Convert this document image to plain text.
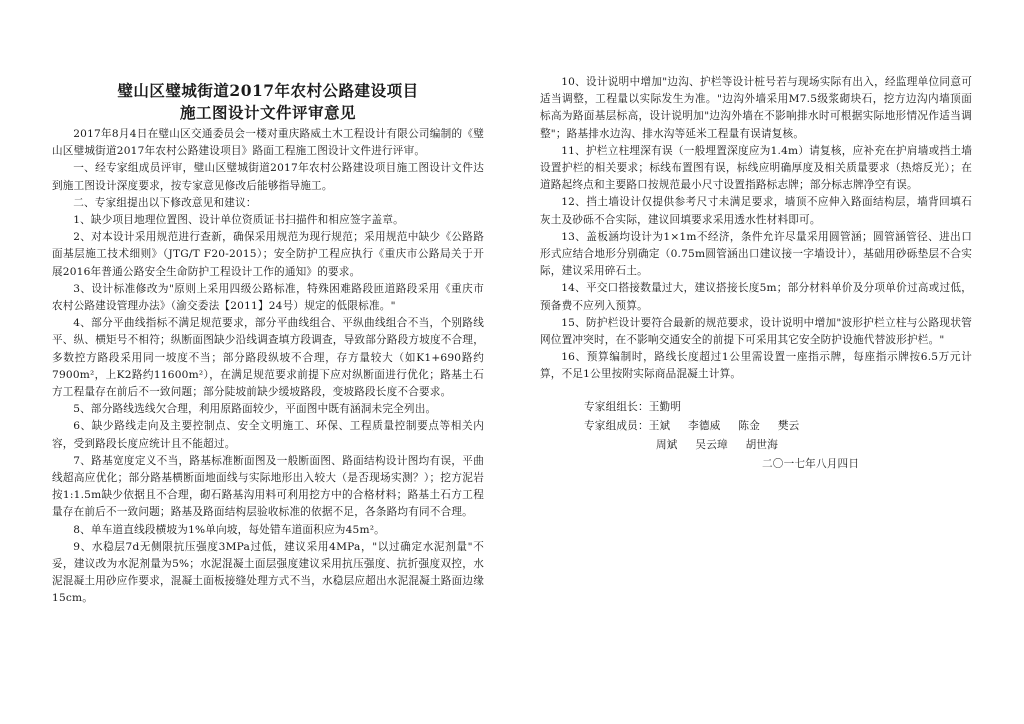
璧山区璧城街道2017年农村公路建设项目
施工图设计文件评审意见

2017年8月4日在璧山区交通委员会一楼对重庆路威土木工程设计有限公司编制的《璧山区璧城街道2017年农村公路建设项目》路面工程施工图设计文件进行评审。

一、经专家组成员评审，璧山区璧城街道2017年农村公路建设项目施工图设计文件达到施工图设计深度要求，按专家意见修改后能够指导施工。

二、专家组提出以下修改意见和建议：

1、缺少项目地理位置图、设计单位资质证书扫描件和相应签字盖章。

2、对本设计采用规范进行查新，确保采用规范为现行规范；采用规范中缺少《公路路面基层施工技术细则》（JTG/T F20-2015）；安全防护工程应执行《重庆市公路局关于开展2016年普通公路安全生命防护工程设计工作的通知》的要求。

3、设计标准修改为"原则上采用四级公路标准，特殊困难路段匝道路段采用《重庆市农村公路建设管理办法》（渝交委法【2011】24号）规定的低限标准。"

4、部分平曲线指标不满足规范要求，部分平曲线组合、平纵曲线组合不当，个别路线平、纵、横矩号不相符；纵断面图缺少沿线调查填方段调查，导致部分路段方坡度不合理，多数控方路段采用同一坡度不当；部分路段纵坡不合理，存方量较大（如K1+690路约7900m²，上K2路约11600m²），在满足规范要求前提下应对纵断面进行优化；路基土石方工程量存在前后不一致问题；部分陡坡前缺少缓坡路段，变坡路段长度不合要求。

5、部分路线选线欠合理，利用原路面较少，平面图中既有涵洞未完全列出。

6、缺少路线走向及主要控制点、安全文明施工、环保、工程质量控制要点等相关内容，受到路段长度应统计且不能超过。

7、路基宽度定义不当，路基标准断面图及一般断面图、路面结构设计图均有误，平曲线超高应优化；部分路基横断面地面线与实际地形出入较大（是否现场实测？）；挖方泥岩按1:1.5m缺少依据且不合理，砌石路基沟用料可利用挖方中的合格材料；路基土石方工程量存在前后不一致问题；路基及路面结构层验收标准的依据不足，各条路均有同不合理。

8、单车道直线段横坡为1%单向坡，每处错车道面积应为45m²。

9、水稳层7d无侧限抗压强度3MPa过低，建议采用4MPa，"以过确定水泥剂量"不妥，建议改为水泥剂量为5%；水泥混凝土面层强度建议采用抗压强度、抗折强度双控，水泥混凝土用砂应作要求，混凝土面板接缝处理方式不当，水稳层应超出水泥混凝土路面边缘15cm。

10、设计说明中增加"边沟、护栏等设计桩号若与现场实际有出入，经监理单位同意可适当调整，工程量以实际发生为准。"边沟外墙采用M7.5级浆砌块石，挖方边沟内墙顶面标高为路面基层标高，设计说明加"边沟外墙在不影响排水时可根据实际地形情况作适当调整"；路基排水边沟、排水沟等延米工程量有误请复核。

11、护栏立柱埋深有误（一般埋置深度应为1.4m）请复核，应补充在护肩墙或挡土墙设置护栏的相关要求；标线布置图有误，标线应明确厚度及相关质量要求（热熔反光）；在道路起终点和主要路口按规范最小尺寸设置指路标志牌；部分标志牌净空有误。

12、挡土墙设计仅提供参考尺寸未满足要求，墙顶不应伸入路面结构层，墙背回填石灰土及砂砾不合实际，建议回填要求采用透水性材料即可。

13、盖板涵均设计为1×1m不经济，条件允许尽量采用圆管涵；圆管涵管径、进出口形式应结合地形分别确定（0.75m圆管涵出口建议接一字墙设计），基础用砂砾垫层不合实际，建议采用碎石土。

14、平交口搭接数量过大，建议搭接长度5m；部分材料单价及分项单价过高或过低，预备费不应列入预算。

15、防护栏设计要符合最新的规范要求，设计说明中增加"波形护栏立柱与公路现状管网位置冲突时，在不影响交通安全的前提下可采用其它安全防护设施代替波形护栏。"

16、预算编制时，路线长度超过1公里需设置一座指示牌，每座指示牌按6.5万元计算，不足1公里按附实际商品混凝土计算。

专家组组长：王勤明
专家组成员：王斌     李德威     陈金     樊云
周斌     吴云璋     胡世海
二〇一七年八月四日
